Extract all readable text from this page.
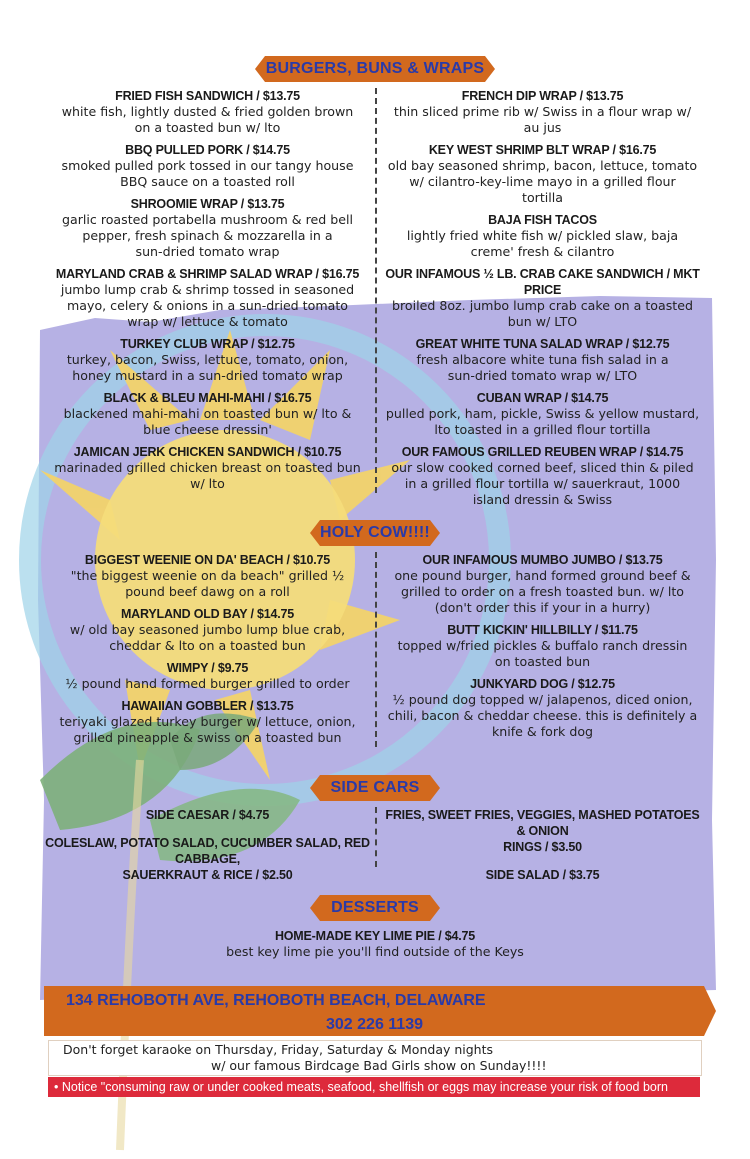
BURGERS, BUNS & WRAPS
FRIED FISH SANDWICH / $13.75
white fish, lightly dusted & fried golden brown
on a toasted bun w/ lto
BBQ PULLED PORK / $14.75
smoked pulled pork tossed in our tangy house
BBQ sauce on a toasted roll
SHROOMIE WRAP / $13.75
garlic roasted portabella mushroom & red bell
pepper, fresh spinach & mozzarella in a
sun-dried tomato wrap
MARYLAND CRAB & SHRIMP SALAD WRAP / $16.75
jumbo lump crab & shrimp tossed in seasoned
mayo, celery & onions in a sun-dried tomato
wrap w/ lettuce & tomato
TURKEY CLUB WRAP / $12.75
turkey, bacon, Swiss, lettuce, tomato, onion,
honey mustard in a sun-dried tomato wrap
BLACK & BLEU MAHI-MAHI / $16.75
blackened mahi-mahi on toasted bun w/ lto &
blue cheese dressin'
JAMICAN JERK CHICKEN SANDWICH / $10.75
marinaded grilled chicken breast on toasted bun
w/ lto
FRENCH DIP WRAP / $13.75
thin sliced prime rib w/ Swiss in a flour wrap w/
au jus
KEY WEST SHRIMP BLT WRAP / $16.75
old bay seasoned shrimp, bacon, lettuce, tomato
w/ cilantro-key-lime mayo in a grilled flour
tortilla
BAJA FISH TACOS
lightly fried white fish w/ pickled slaw, baja
creme' fresh & cilantro
OUR INFAMOUS ½ LB. CRAB CAKE SANDWICH / MKT PRICE
broiled 8oz. jumbo lump crab cake on a toasted
bun w/ LTO
GREAT WHITE TUNA SALAD WRAP / $12.75
fresh albacore white tuna fish salad in a
sun-dried tomato wrap w/ LTO
CUBAN WRAP / $14.75
pulled pork, ham, pickle, Swiss & yellow mustard,
lto toasted in a grilled flour tortilla
OUR FAMOUS GRILLED REUBEN WRAP / $14.75
our slow cooked corned beef, sliced thin & piled
in a grilled flour tortilla w/ sauerkraut, 1000
island dressin & Swiss
HOLY COW!!!!
BIGGEST WEENIE ON DA' BEACH / $10.75
"the biggest weenie on da beach" grilled ½
pound beef dawg on a roll
MARYLAND OLD BAY / $14.75
w/ old bay seasoned jumbo lump blue crab,
cheddar & lto on a toasted bun
WIMPY / $9.75
½ pound hand formed burger grilled to order
HAWAIIAN GOBBLER / $13.75
teriyaki glazed turkey burger w/ lettuce, onion,
grilled pineapple & swiss on a toasted bun
OUR INFAMOUS MUMBO JUMBO / $13.75
one pound burger, hand formed ground beef &
grilled to order on a fresh toasted bun. w/ lto
(don't order this if your in a hurry)
BUTT KICKIN' HILLBILLY / $11.75
topped w/fried pickles & buffalo ranch dressin
on toasted bun
JUNKYARD DOG / $12.75
½ pound dog topped w/ jalapenos, diced onion,
chili, bacon & cheddar cheese. this is definitely a
knife & fork dog
SIDE CARS
SIDE CAESAR / $4.75
COLESLAW, POTATO SALAD, CUCUMBER SALAD, RED CABBAGE,
SAUERKRAUT & RICE / $2.50
FRIES, SWEET FRIES, VEGGIES, MASHED POTATOES & ONION
RINGS / $3.50
SIDE SALAD / $3.75
DESSERTS
HOME-MADE KEY LIME PIE / $4.75
best key lime pie you'll find outside of the Keys
134 REHOBOTH AVE, REHOBOTH BEACH, DELAWARE
302 226 1139
Don't forget karaoke on Thursday, Friday, Saturday & Monday nights
w/ our famous Birdcage Bad Girls show on Sunday!!!!
• Notice "consuming raw or under cooked meats, seafood, shellfish or eggs may increase your risk of food born illness
